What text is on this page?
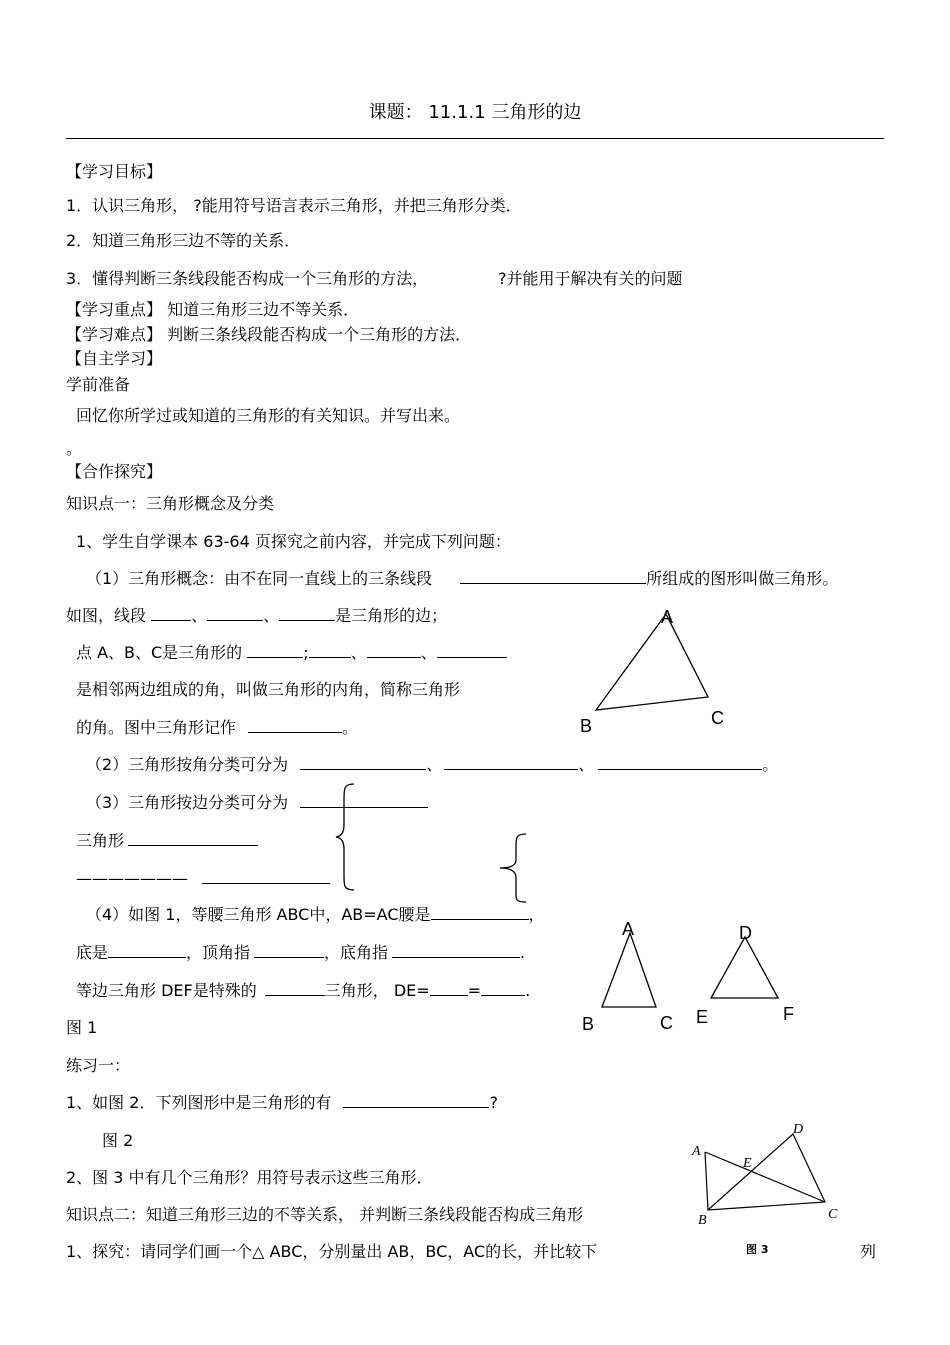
课题： 11.1.1 三角形的边
【学习目标】
1．认识三角形， ?能用符号语言表示三角形，并把三角形分类．
2．知道三角形三边不等的关系．
3．懂得判断三条线段能否构成一个三角形的方法，	?并能用于解决有关的问题
【学习重点】 知道三角形三边不等关系．
【学习难点】 判断三条线段能否构成一个三角形的方法．
【自主学习】
学前准备
回忆你所学过或知道的三角形的有关知识。并写出来。
。
【合作探究】
知识点一：三角形概念及分类
1、学生自学课本 63-64 页探究之前内容，并完成下列问题：
（1）三角形概念：由不在同一直线上的三条线段	所组成的图形叫做三角形。
如图，线段	、	、	是三角形的边；
点 A、B、C是三角形的	;	、	、
是相邻两边组成的角，叫做三角形的内角，简称三角形
的角。图中三角形记作	。
（2）三角形按角分类可分为	、	、	。
（3）三角形按边分类可分为
三角形
———————
（4）如图 1，等腰三角形 ABC中，AB=AC腰是	，
底是	，顶角指	，底角指	.
等边三角形 DEF是特殊的	三角形， DE= =	.
图 1
练习一：
1、如图 2．下列图形中是三角形的有	?
图 2
2、图 3 中有几个三角形？用符号表示这些三角形．
知识点二：知道三角形三边的不等关系， 并判断三条线段能否构成三角形
1、探究：请同学们画一个△ ABC，分别量出 AB，BC，AC的长，并比较下	列
A
B	C
A
B	C
D
E	F
A
B	C
D
E
图 3
